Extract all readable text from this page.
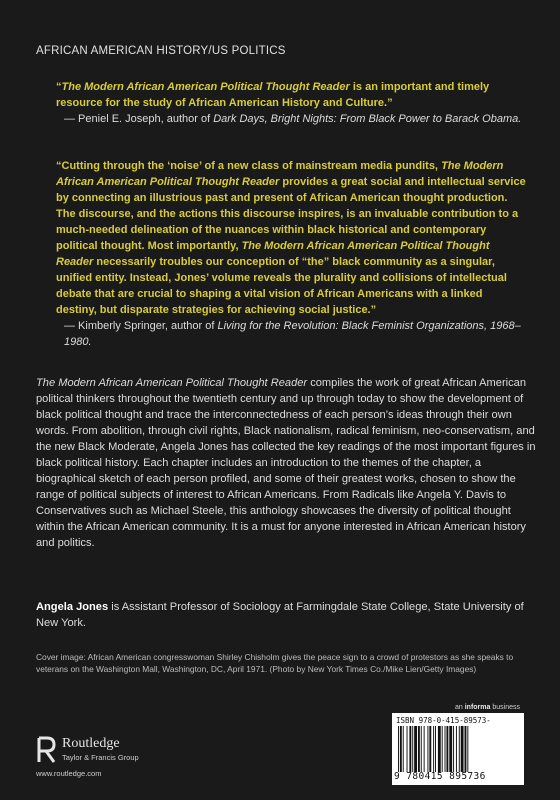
AFRICAN AMERICAN HISTORY/US POLITICS
“The Modern African American Political Thought Reader is an important and timely resource for the study of African American History and Culture.”
— Peniel E. Joseph, author of Dark Days, Bright Nights: From Black Power to Barack Obama.
“Cutting through the ‘noise’ of a new class of mainstream media pundits, The Modern African American Political Thought Reader provides a great social and intellectual service by connecting an illustrious past and present of African American thought production. The discourse, and the actions this discourse inspires, is an invaluable contribution to a much-needed delineation of the nuances within black historical and contemporary political thought. Most importantly, The Modern African American Political Thought Reader necessarily troubles our conception of “the” black community as a singular, unified entity. Instead, Jones’ volume reveals the plurality and collisions of intellectual debate that are crucial to shaping a vital vision of African Americans with a linked destiny, but disparate strategies for achieving social justice.”
— Kimberly Springer, author of Living for the Revolution: Black Feminist Organizations, 1968–1980.
The Modern African American Political Thought Reader compiles the work of great African American political thinkers throughout the twentieth century and up through today to show the development of black political thought and trace the interconnectedness of each person’s ideas through their own words. From abolition, through civil rights, Black nationalism, radical feminism, neo-conservatism, and the new Black Moderate, Angela Jones has collected the key readings of the most important figures in black political history. Each chapter includes an introduction to the themes of the chapter, a biographical sketch of each person profiled, and some of their greatest works, chosen to show the range of political subjects of interest to African Americans. From Radicals like Angela Y. Davis to Conservatives such as Michael Steele, this anthology showcases the diversity of political thought within the African American community. It is a must for anyone interested in African American history and politics.
Angela Jones is Assistant Professor of Sociology at Farmingdale State College, State University of New York.
Cover image: African American congresswoman Shirley Chisholm gives the peace sign to a crowd of protestors as she speaks to veterans on the Washington Mall, Washington, DC, April 1971. (Photo by New York Times Co./Mike Lien/Getty Images)
Routledge
Taylor & Francis Group
www.routledge.com
an informa business
ISBN 978-0-415-89573-
9 780415 895736
